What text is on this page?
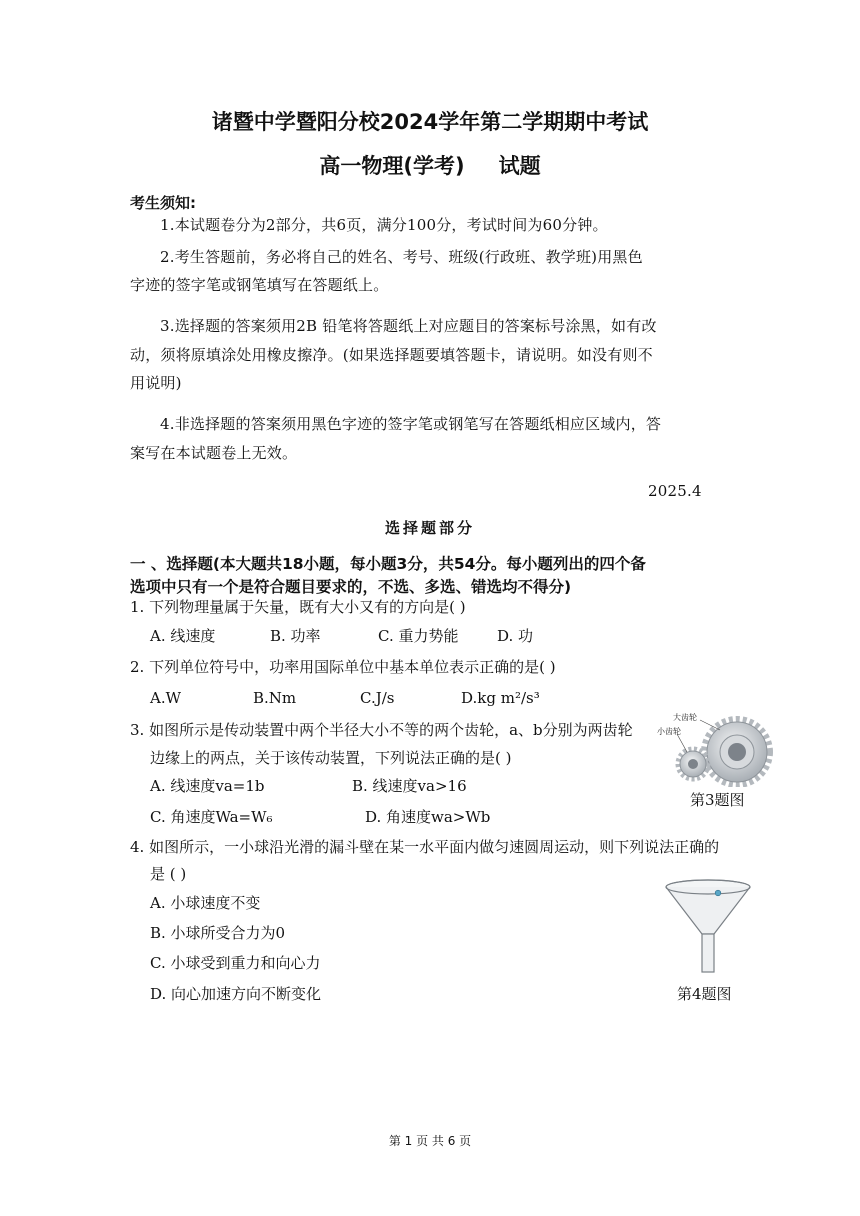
诸暨中学暨阳分校2024学年第二学期期中考试
高一物理(学考) 试题
考生须知:
1.本试题卷分为2部分，共6页，满分100分，考试时间为60分钟。
2.考生答题前，务必将自己的姓名、考号、班级(行政班、教学班)用黑色
字迹的签字笔或钢笔填写在答题纸上。
3.选择题的答案须用2B 铅笔将答题纸上对应题目的答案标号涂黑，如有改
动，须将原填涂处用橡皮擦净。(如果选择题要填答题卡，请说明。如没有则不
用说明)
4.非选择题的答案须用黑色字迹的签字笔或钢笔写在答题纸相应区域内，答
案写在本试题卷上无效。
2025.4
选择题部分
一 、选择题(本大题共18小题，每小题3分，共54分。每小题列出的四个备
选项中只有一个是符合题目要求的，不选、多选、错选均不得分)
1. 下列物理量属于矢量，既有大小又有的方向是( )
A. 线速度	B. 功率	C. 重力势能	D. 功
2. 下列单位符号中，功率用国际单位中基本单位表示正确的是( )
A.W	B.Nm	C.J/s	D.kg m²/s³
3. 如图所示是传动装置中两个半径大小不等的两个齿轮，a、b分别为两齿轮
边缘上的两点，关于该传动装置，下列说法正确的是( )
A. 线速度va=1b	B. 线速度va>16
C. 角速度Wa=W₆	D. 角速度wa>Wb
大齿轮
小齿轮
第3题图
4. 如图所示，一小球沿光滑的漏斗壁在某一水平面内做匀速圆周运动，则下列说法正确的
是 ( )
A. 小球速度不变
B. 小球所受合力为0
C. 小球受到重力和向心力
D. 向心加速方向不断变化	第4题图
第 1 页 共 6 页
